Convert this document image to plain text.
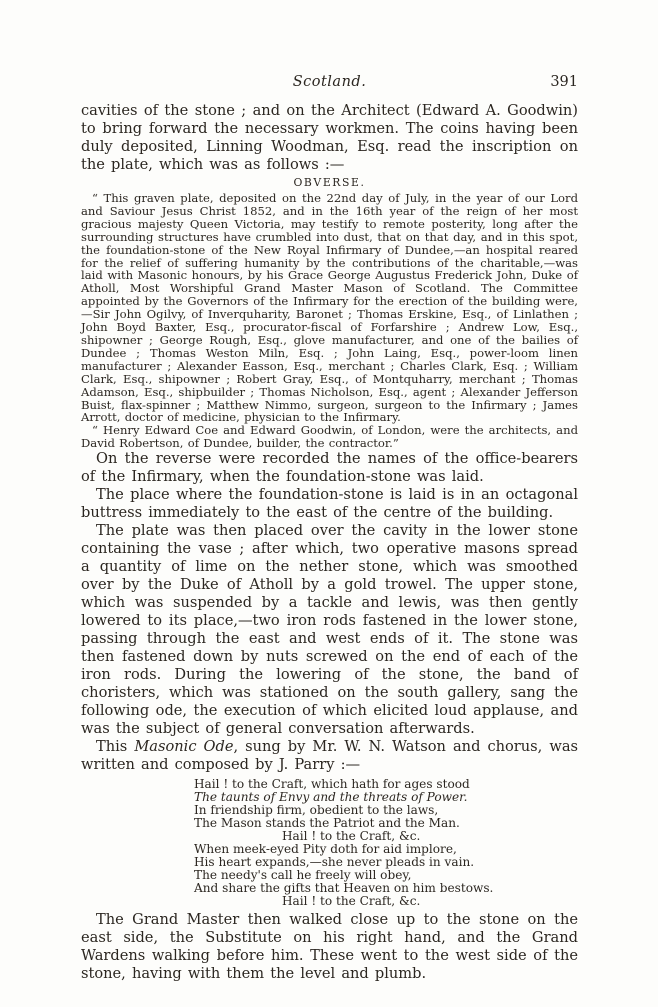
Scotland.	391

cavities of the stone ; and on the Architect (Edward A. Goodwin) to bring forward the necessary workmen. The coins having been duly deposited, Linning Woodman, Esq. read the inscription on the plate, which was as follows :—

OBVERSE.

“ This graven plate, deposited on the 22nd day of July, in the year of our Lord and Saviour Jesus Christ 1852, and in the 16th year of the reign of her most gracious majesty Queen Victoria, may testify to remote posterity, long after the surrounding structures have crumbled into dust, that on that day, and in this spot, the foundation-stone of the New Royal Infirmary of Dundee,—an hospital reared for the relief of suffering humanity by the contributions of the charitable,—was laid with Masonic honours, by his Grace George Augustus Frederick John, Duke of Atholl, Most Worshipful Grand Master Mason of Scotland. The Committee appointed by the Governors of the Infirmary for the erection of the building were,—Sir John Ogilvy, of Inverquharity, Baronet ; Thomas Erskine, Esq., of Linlathen ; John Boyd Baxter, Esq., procurator-fiscal of Forfarshire ; Andrew Low, Esq., shipowner ; George Rough, Esq., glove manufacturer, and one of the bailies of Dundee ; Thomas Weston Miln, Esq. ; John Laing, Esq., power-loom linen manufacturer ; Alexander Easson, Esq., merchant ; Charles Clark, Esq. ; William Clark, Esq., shipowner ; Robert Gray, Esq., of Montquharry, merchant ; Thomas Adamson, Esq., shipbuilder ; Thomas Nicholson, Esq., agent ; Alexander Jefferson Buist, flax-spinner ; Matthew Nimmo, surgeon, surgeon to the Infirmary ; James Arrott, doctor of medicine, physician to the Infirmary.

“ Henry Edward Coe and Edward Goodwin, of London, were the architects, and David Robertson, of Dundee, builder, the contractor.”

On the reverse were recorded the names of the office-bearers of the Infirmary, when the foundation-stone was laid.

The place where the foundation-stone is laid is in an octagonal buttress immediately to the east of the centre of the building.

The plate was then placed over the cavity in the lower stone containing the vase ; after which, two operative masons spread a quantity of lime on the nether stone, which was smoothed over by the Duke of Atholl by a gold trowel. The upper stone, which was suspended by a tackle and lewis, was then gently lowered to its place,—two iron rods fastened in the lower stone, passing through the east and west ends of it. The stone was then fastened down by nuts screwed on the end of each of the iron rods. During the lowering of the stone, the band of choristers, which was stationed on the south gallery, sang the following ode, the execution of which elicited loud applause, and was the subject of general conversation afterwards.

This Masonic Ode, sung by Mr. W. N. Watson and chorus, was written and composed by J. Parry :—

Hail ! to the Craft, which hath for ages stood
The taunts of Envy and the threats of Power.
In friendship firm, obedient to the laws,
The Mason stands the Patriot and the Man.
Hail ! to the Craft, &c.
When meek-eyed Pity doth for aid implore,
His heart expands,—she never pleads in vain.
The needy's call he freely will obey,
And share the gifts that Heaven on him bestows.
Hail ! to the Craft, &c.

The Grand Master then walked close up to the stone on the east side, the Substitute on his right hand, and the Grand Wardens walking before him. These went to the west side of the stone, having with them the level and plumb.
